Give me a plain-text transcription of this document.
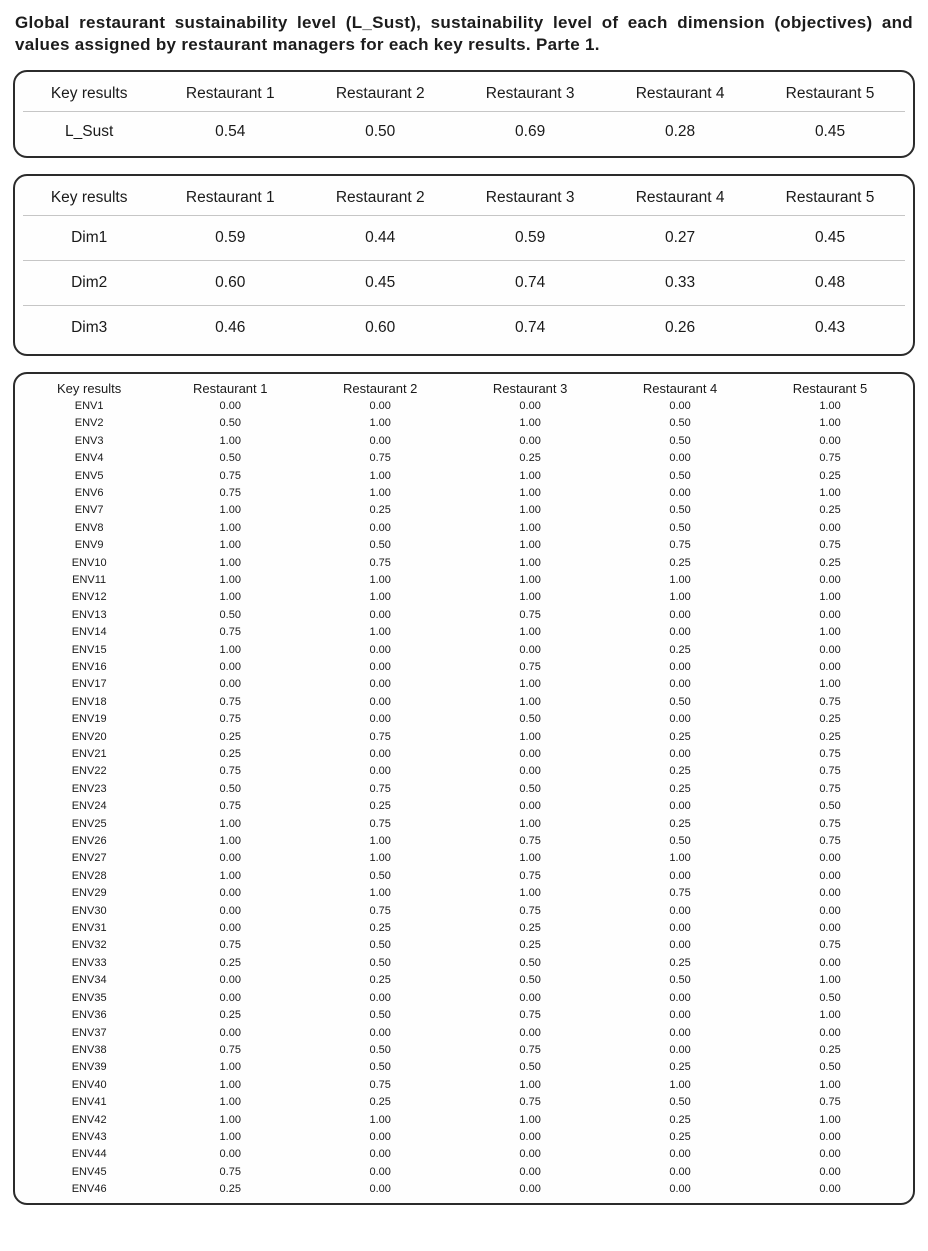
Global restaurant sustainability level (L_Sust), sustainability level of each dimension (objectives) and values assigned by restaurant managers for each key results. Parte 1.
Key results	Restaurant 1	Restaurant 2	Restaurant 3	Restaurant 4	Restaurant 5
L_Sust	0.54	0.50	0.69	0.28	0.45
Key results	Restaurant 1	Restaurant 2	Restaurant 3	Restaurant 4	Restaurant 5
Dim1	0.59	0.44	0.59	0.27	0.45
Dim2	0.60	0.45	0.74	0.33	0.48
Dim3	0.46	0.60	0.74	0.26	0.43
Key results	Restaurant 1	Restaurant 2	Restaurant 3	Restaurant 4	Restaurant 5
ENV1	0.00	0.00	0.00	0.00	1.00
ENV2	0.50	1.00	1.00	0.50	1.00
ENV3	1.00	0.00	0.00	0.50	0.00
ENV4	0.50	0.75	0.25	0.00	0.75
ENV5	0.75	1.00	1.00	0.50	0.25
ENV6	0.75	1.00	1.00	0.00	1.00
ENV7	1.00	0.25	1.00	0.50	0.25
ENV8	1.00	0.00	1.00	0.50	0.00
ENV9	1.00	0.50	1.00	0.75	0.75
ENV10	1.00	0.75	1.00	0.25	0.25
ENV11	1.00	1.00	1.00	1.00	0.00
ENV12	1.00	1.00	1.00	1.00	1.00
ENV13	0.50	0.00	0.75	0.00	0.00
ENV14	0.75	1.00	1.00	0.00	1.00
ENV15	1.00	0.00	0.00	0.25	0.00
ENV16	0.00	0.00	0.75	0.00	0.00
ENV17	0.00	0.00	1.00	0.00	1.00
ENV18	0.75	0.00	1.00	0.50	0.75
ENV19	0.75	0.00	0.50	0.00	0.25
ENV20	0.25	0.75	1.00	0.25	0.25
ENV21	0.25	0.00	0.00	0.00	0.75
ENV22	0.75	0.00	0.00	0.25	0.75
ENV23	0.50	0.75	0.50	0.25	0.75
ENV24	0.75	0.25	0.00	0.00	0.50
ENV25	1.00	0.75	1.00	0.25	0.75
ENV26	1.00	1.00	0.75	0.50	0.75
ENV27	0.00	1.00	1.00	1.00	0.00
ENV28	1.00	0.50	0.75	0.00	0.00
ENV29	0.00	1.00	1.00	0.75	0.00
ENV30	0.00	0.75	0.75	0.00	0.00
ENV31	0.00	0.25	0.25	0.00	0.00
ENV32	0.75	0.50	0.25	0.00	0.75
ENV33	0.25	0.50	0.50	0.25	0.00
ENV34	0.00	0.25	0.50	0.50	1.00
ENV35	0.00	0.00	0.00	0.00	0.50
ENV36	0.25	0.50	0.75	0.00	1.00
ENV37	0.00	0.00	0.00	0.00	0.00
ENV38	0.75	0.50	0.75	0.00	0.25
ENV39	1.00	0.50	0.50	0.25	0.50
ENV40	1.00	0.75	1.00	1.00	1.00
ENV41	1.00	0.25	0.75	0.50	0.75
ENV42	1.00	1.00	1.00	0.25	1.00
ENV43	1.00	0.00	0.00	0.25	0.00
ENV44	0.00	0.00	0.00	0.00	0.00
ENV45	0.75	0.00	0.00	0.00	0.00
ENV46	0.25	0.00	0.00	0.00	0.00
